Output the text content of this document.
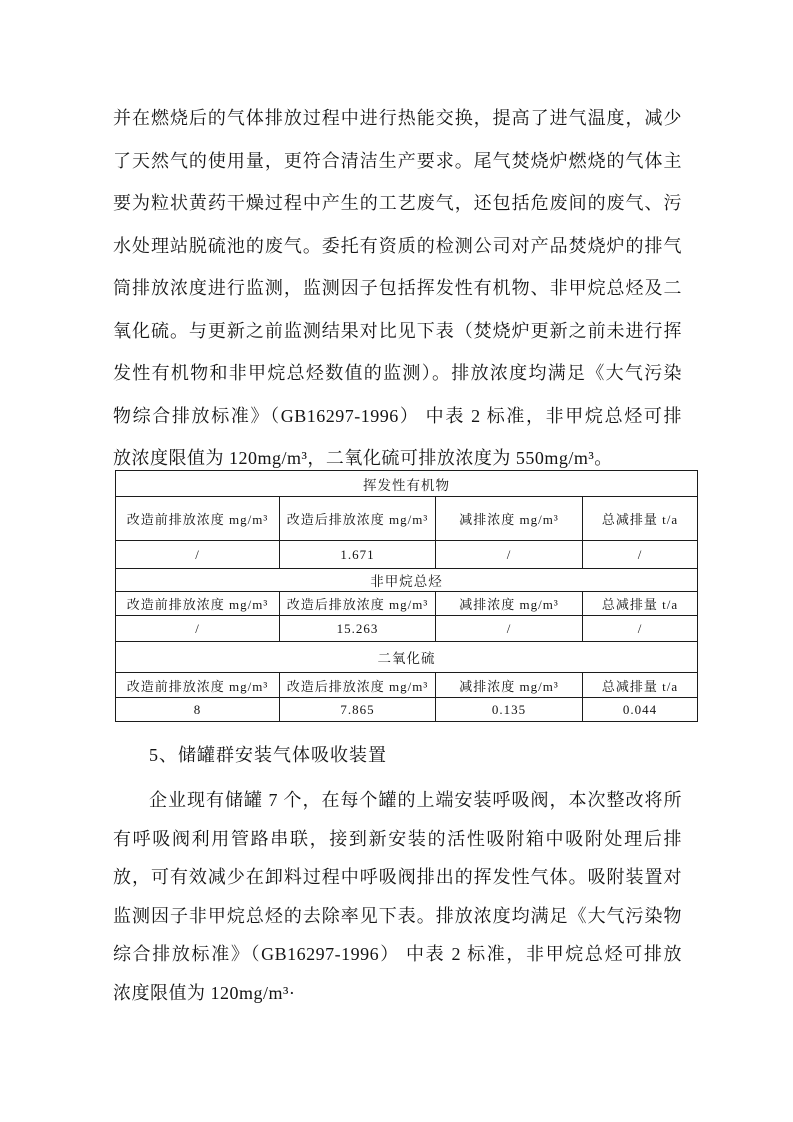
并在燃烧后的气体排放过程中进行热能交换，提高了进气温度，减少
了天然气的使用量，更符合清洁生产要求。尾气焚烧炉燃烧的气体主
要为粒状黄药干燥过程中产生的工艺废气，还包括危废间的废气、污
水处理站脱硫池的废气。委托有资质的检测公司对产品焚烧炉的排气
筒排放浓度进行监测，监测因子包括挥发性有机物、非甲烷总烃及二
氧化硫。与更新之前监测结果对比见下表（焚烧炉更新之前未进行挥
发性有机物和非甲烷总烃数值的监测）。排放浓度均满足《大气污染
物综合排放标准》（GB16297-1996） 中表 2 标准，非甲烷总烃可排
放浓度限值为 120mg/m³，二氧化硫可排放浓度为 550mg/m³。
挥发性有机物			
改造前排放浓度 mg/m³	改造后排放浓度 mg/m³	减排浓度 mg/m³	总减排量 t/a
/	1.671	/	/
非甲烷总烃			
改造前排放浓度 mg/m³	改造后排放浓度 mg/m³	减排浓度 mg/m³	总减排量 t/a
/	15.263	/	/
二氧化硫			
改造前排放浓度 mg/m³	改造后排放浓度 mg/m³	减排浓度 mg/m³	总减排量 t/a
8	7.865	0.135	0.044
5、储罐群安装气体吸收装置
企业现有储罐 7 个，在每个罐的上端安装呼吸阀，本次整改将所
有呼吸阀利用管路串联，接到新安装的活性吸附箱中吸附处理后排
放，可有效减少在卸料过程中呼吸阀排出的挥发性气体。吸附装置对
监测因子非甲烷总烃的去除率见下表。排放浓度均满足《大气污染物
综合排放标准》（GB16297-1996） 中表 2 标准，非甲烷总烃可排放
浓度限值为 120mg/m³·
